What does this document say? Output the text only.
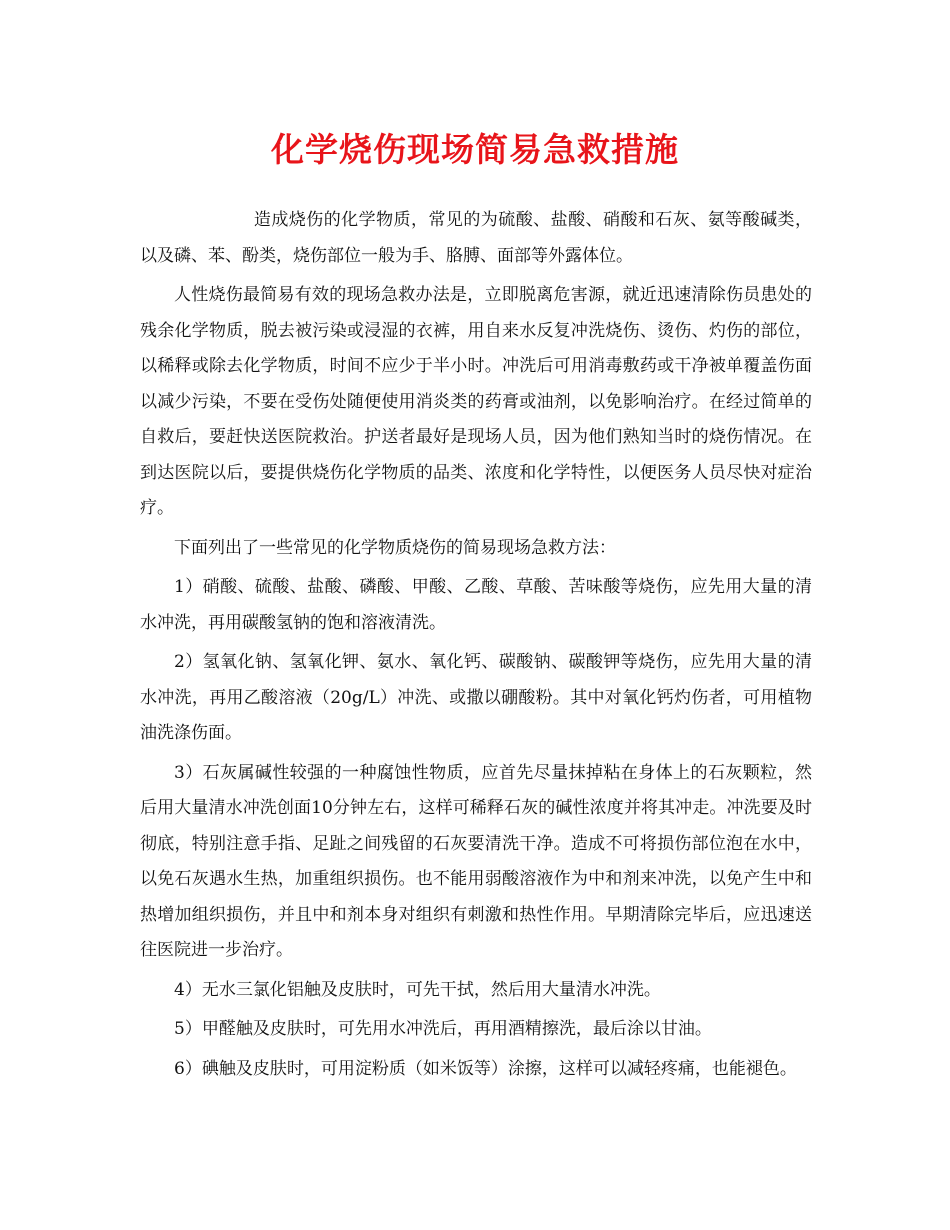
化学烧伤现场简易急救措施

造成烧伤的化学物质，常见的为硫酸、盐酸、硝酸和石灰、氨等酸碱类，以及磷、苯、酚类，烧伤部位一般为手、胳膊、面部等外露体位。

人性烧伤最简易有效的现场急救办法是，立即脱离危害源，就近迅速清除伤员患处的残余化学物质，脱去被污染或浸湿的衣裤，用自来水反复冲洗烧伤、烫伤、灼伤的部位，以稀释或除去化学物质，时间不应少于半小时。冲洗后可用消毒敷药或干净被单覆盖伤面以减少污染，不要在受伤处随便使用消炎类的药膏或油剂，以免影响治疗。在经过简单的自救后，要赶快送医院救治。护送者最好是现场人员，因为他们熟知当时的烧伤情况。在到达医院以后，要提供烧伤化学物质的品类、浓度和化学特性，以便医务人员尽快对症治疗。

下面列出了一些常见的化学物质烧伤的简易现场急救方法：

1）硝酸、硫酸、盐酸、磷酸、甲酸、乙酸、草酸、苦味酸等烧伤，应先用大量的清水冲洗，再用碳酸氢钠的饱和溶液清洗。

2）氢氧化钠、氢氧化钾、氨水、氧化钙、碳酸钠、碳酸钾等烧伤，应先用大量的清水冲洗，再用乙酸溶液（20g/L）冲洗、或撒以硼酸粉。其中对氧化钙灼伤者，可用植物油洗涤伤面。

3）石灰属碱性较强的一种腐蚀性物质，应首先尽量抹掉粘在身体上的石灰颗粒，然后用大量清水冲洗创面10分钟左右，这样可稀释石灰的碱性浓度并将其冲走。冲洗要及时彻底，特别注意手指、足趾之间残留的石灰要清洗干净。造成不可将损伤部位泡在水中，以免石灰遇水生热，加重组织损伤。也不能用弱酸溶液作为中和剂来冲洗，以免产生中和热增加组织损伤，并且中和剂本身对组织有刺激和热性作用。早期清除完毕后，应迅速送往医院进一步治疗。

4）无水三氯化铝触及皮肤时，可先干拭，然后用大量清水冲洗。

5）甲醛触及皮肤时，可先用水冲洗后，再用酒精擦洗，最后涂以甘油。

6）碘触及皮肤时，可用淀粉质（如米饭等）涂擦，这样可以减轻疼痛，也能褪色。
